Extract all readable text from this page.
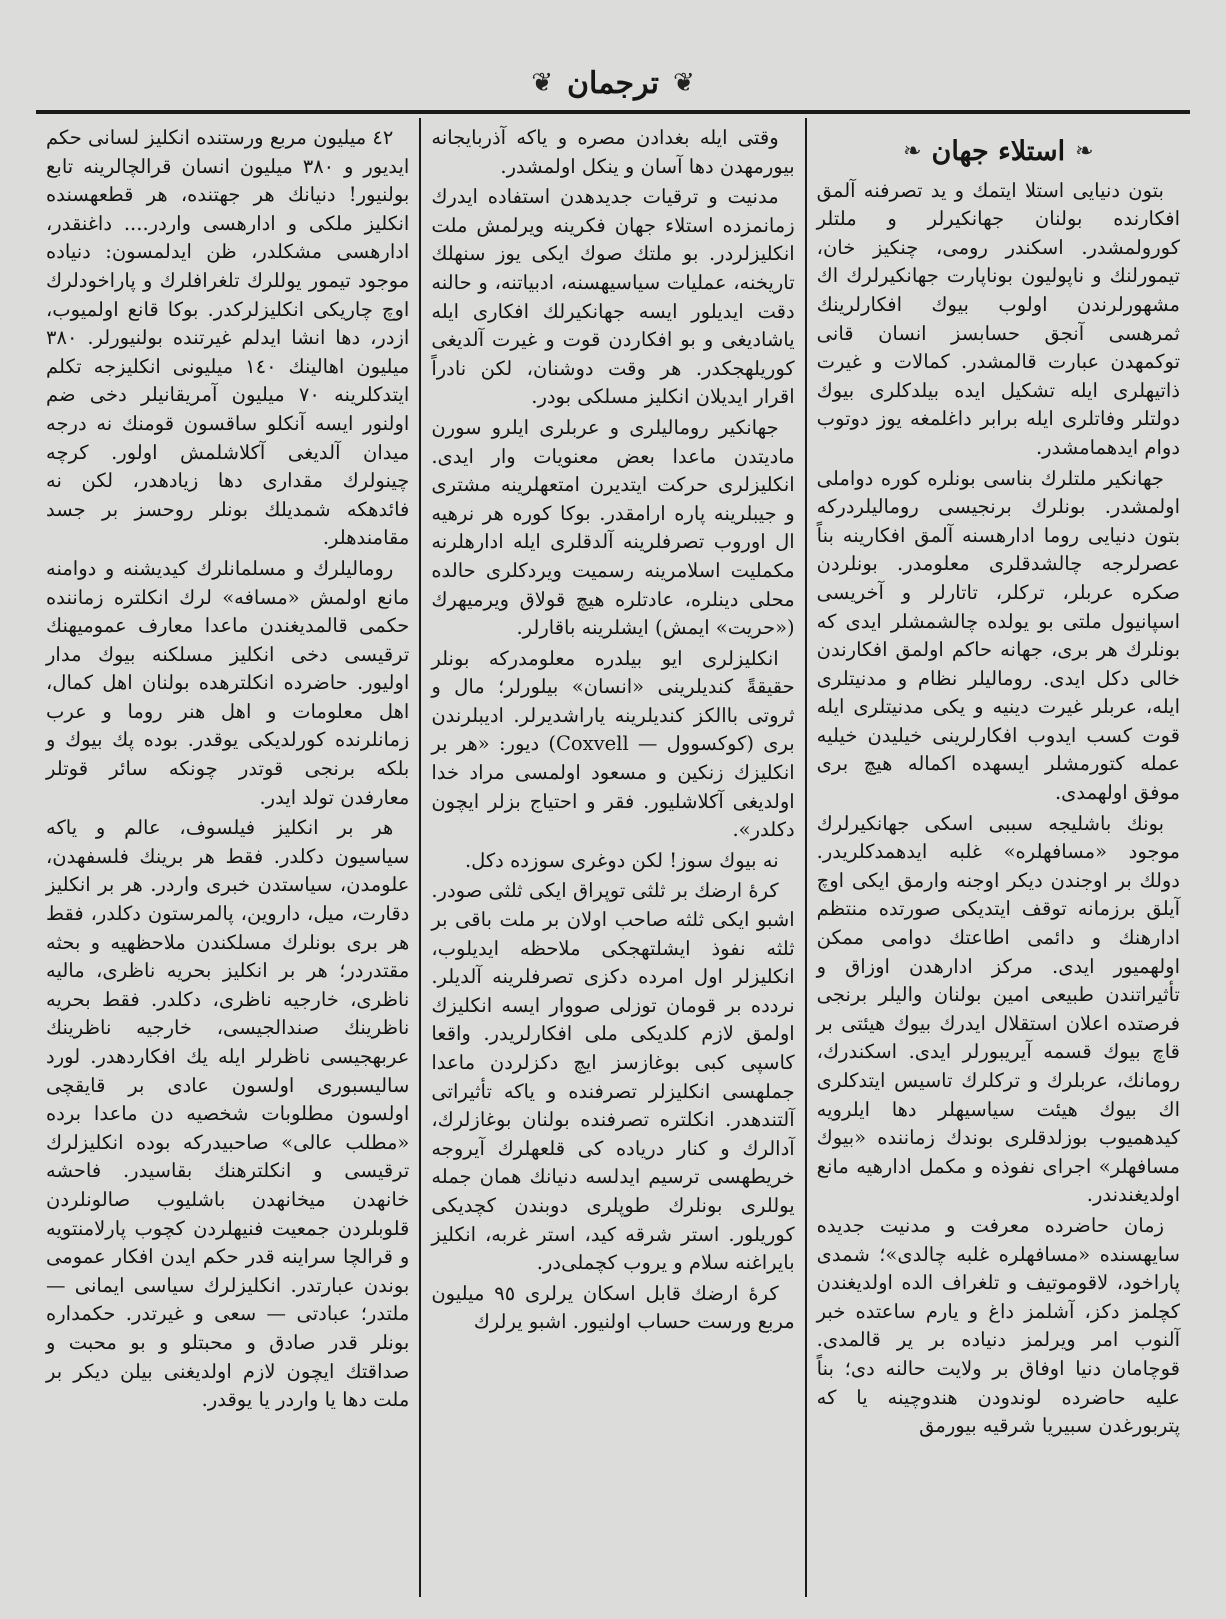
❦
ترجمان
❦
❧
استلاء جهان
❧

بتون دنيايى استلا ايتمك و يد تصرفنه آلمق افكارنده بولنان جهانكيرلر و ملتلر كورولمشدر. اسكندر رومى، چنكيز خان، تيمورلنك و ناپوليون بوناپارت جهانكيرلرك اك مشهورلرندن اولوب بيوك افكارلرينك ثمرهسى آنجق حسابسز انسان قانى توكمهدن عبارت قالمشدر. كمالات و غيرت ذاتيهلرى ايله تشكيل ايده بيلدكلرى بيوك دولتلر وفاتلرى ايله برابر داغلمغه يوز دوتوب دوام ايدهمامشدر.

جهانكير ملتلرك بناسى بونلره كوره دواملى اولمشدر. بونلرك برنجيسى روماليلردركه بتون دنيايى روما ادارهسنه آلمق افكارينه بناً عصرلرجه چالشدقلرى معلومدر. بونلردن صكره عربلر، تركلر، تاتارلر و آخريسى اسپانيول ملتى بو يولده چالشمشلر ايدى كه بونلرك هر برى، جهانه حاكم اولمق افكارندن خالى دكل ايدى. روماليلر نظام و مدنيتلرى ايله، عربلر غيرت دينيه و يكى مدنيتلرى ايله قوت كسب ايدوب افكارلرينى خيليدن خيليه عمله كتورمشلر ايسهده اكماله هيچ برى موفق اولهمدى.

بونك باشليجه سببى اسكى جهانكيرلرك موجود «مسافهلره» غلبه ايدهمدكلريدر. دولك بر اوجندن ديكر اوجنه وارمق ايكى اوچ آيلق برزمانه توقف ايتديكى صورتده منتظم ادارهنك و دائمى اطاعتك دوامى ممكن اولهميور ايدى. مركز ادارهدن اوزاق و تأثيراتندن طبيعى امين بولنان واليلر برنجى فرصتده اعلان استقلال ايدرك بيوك هيئتى بر قاچ بيوك قسمه آيريبورلر ايدى. اسكندرك، رومانك، عربلرك و تركلرك تاسيس ايتدكلرى اك بيوك هيئت سياسيهلر دها ايلرويه كيدهميوب بوزلدقلرى بوندك زماننده «بيوك مسافهلر» اجراى نفوذه و مكمل ادارهيه مانع اولديغندندر.

زمان حاضرده معرفت و مدنيت جديده سايهسنده «مسافهلره غلبه چالدى»؛ شمدى پاراخود، لاقوموتيف و تلغراف الده اولديغندن كچلمز دكز، آشلمز داغ و يارم ساعتده خبر آلنوب امر ويرلمز دنياده بر ير قالمدى. قوچامان دنيا اوفاق بر ولايت حالنه دى؛ بناً عليه حاضرده لوندودن هندوچينه يا كه پتربورغدن سبيريا شرقيه بيورمق

وقتى ايله بغدادن مصره و ياكه آذربايجانه بيورمهدن دها آسان و ينكل اولمشدر.

مدنيت و ترقيات جديدهدن استفاده ايدرك زمانمزده استلاء جهان فكرينه ويرلمش ملت انكليزلردر. بو ملتك صوك ايكى يوز سنهلك تاريخنه، عمليات سياسيهسنه، ادبياتنه، و حالنه دقت ايديلور ايسه جهانكيرلك افكارى ايله ياشاديغى و بو افكاردن قوت و غيرت آلديغى كوريلهجكدر. هر وقت دوشنان، لكن نادراً اقرار ايديلان انكليز مسلكى بودر.

جهانكير روماليلرى و عربلرى ايلرو سورن ماديتدن ماعدا بعض معنويات وار ايدى. انكليزلرى حركت ايتديرن امتعهلرينه مشترى و جيبلرينه پاره ارامقدر. بوكا كوره هر نرهيه ال اوروب تصرفلرينه آلدقلرى ايله ادارهلرنه مكمليت اسلامرينه رسميت ويردكلرى حالده محلى دينلره، عادتلره هيچ قولاق ويرميهرك («حريت» ايمش) ايشلرينه باقارلر.

انكليزلرى ايو بيلدره معلومدركه بونلر حقيقةً كنديلرينى «انسان» بيلورلر؛ مال و ثروتى باالكز كنديلرينه ياراشديرلر. اديبلرندن برى (كوكسوول — Coxvell) ديور: «هر بر انكليزك زنكين و مسعود اولمسى مراد خدا اولديغى آكلاشليور. فقر و احتياج بزلر ايچون دكلدر».

نه بيوك سوز! لكن دوغرى سوزده دكل.

كرهٔ ارضك بر ثلثى توپراق ايكى ثلثى صودر. اشبو ايكى ثلثه صاحب اولان بر ملت باقى بر ثلثه نفوذ ايشلتهجكى ملاحظه ايديلوب، انكليزلر اول امرده دكزى تصرفلرينه آلديلر. نردده بر قومان توزلى صووار ايسه انكليزك اولمق لازم كلديكى ملى افكارلريدر. واقعا كاسپى كبى بوغازسز ايچ دكزلردن ماعدا جملهسى انكليزلر تصرفنده و ياكه تأثيراتى آلتندهدر. انكلتره تصرفنده بولنان بوغازلرك، آدالرك و كنار درياده كى قلعهلرك آيروجه خريطهسى ترسيم ايدلسه دنيانك همان جمله يوللرى بونلرك طوپلرى دوبندن كچديكى كوريلور. استر شرقه كيد، استر غربه، انكليز بايراغنه سلام و يروب كچملى‌در.

كرهٔ ارضك قابل اسكان يرلرى ٩٥ ميليون مربع ورست حساب اولنيور. اشبو يرلرك

٤٢ ميليون مربع ورستنده انكليز لسانى حكم ايديور و ٣٨٠ ميليون انسان قرالچالرينه تابع بولنيور! دنيانك هر جهتنده، هر قطعهسنده انكليز ملكى و ادارهسى واردر.... داغنقدر، ادارهسى مشكلدر، ظن ايدلمسون: دنياده موجود تيمور يوللرك تلغرافلرك و پاراخودلرك اوچ چاريكى انكليزلركدر. بوكا قانع اولميوب، ازدر، دها انشا ايدلم غيرتنده بولنيورلر. ٣٨٠ ميليون اهالينك ١٤٠ ميليونى انكليزجه تكلم ايتدكلرينه ٧٠ ميليون آمريقانيلر دخى ضم اولنور ايسه آنكلو ساقسون قومنك نه درجه ميدان آلديغى آكلاشلمش اولور. كرچه چينولرك مقدارى دها زيادهدر، لكن نه فائدهكه شمديلك بونلر روحسز بر جسد مقامندهلر.

روماليلرك و مسلمانلرك كيديشنه و دوامنه مانع اولمش «مسافه» لرك انكلتره زماننده حكمى قالمديغندن ماعدا معارف عموميهنك ترقيسى دخى انكليز مسلكنه بيوك مدار اوليور. حاضرده انكلترهده بولنان اهل كمال، اهل معلومات و اهل هنر روما و عرب زمانلرنده كورلديكى يوقدر. بوده پك بيوك و بلكه برنجى قوتدر چونكه سائر قوتلر معارفدن تولد ايدر.

هر بر انكليز فيلسوف، عالم و ياكه سياسيون دكلدر. فقط هر برينك فلسفهدن، علومدن، سياستدن خبرى واردر. هر بر انكليز دقارت، ميل، داروين، پالمرستون دكلدر، فقط هر برى بونلرك مسلكندن ملاحظهيه و بحثه مقتدردر؛ هر بر انكليز بحريه ناظرى، ماليه ناظرى، خارجيه ناظرى، دكلدر. فقط بحريه ناظرينك صندالجيسى، خارجيه ناظرينك عربهجيسى ناظرلر ايله يك افكاردهدر. لورد ساليسبورى اولسون عادى بر قايقچى اولسون مطلوبات شخصيه دن ماعدا بردە «مطلب عالى» صاحبيدركه بوده انكليزلرك ترقيسى و انكلترهنك بقاسيدر. فاحشه خانهدن ميخانهدن باشليوب صالونلردن قلوبلردن جمعيت فنيهلردن كچوب پارلامنتويه و قرالچا سراينه قدر حكم ايدن افكار عمومى بوندن عبارتدر. انكليزلرك سياسى ايمانى — ملتدر؛ عبادتى — سعى و غيرتدر. حكمداره بونلر قدر صادق و محبتلو و بو محبت و صداقتك ايچون لازم اولديغنى بيلن ديكر بر ملت دها يا واردر يا يوقدر.
